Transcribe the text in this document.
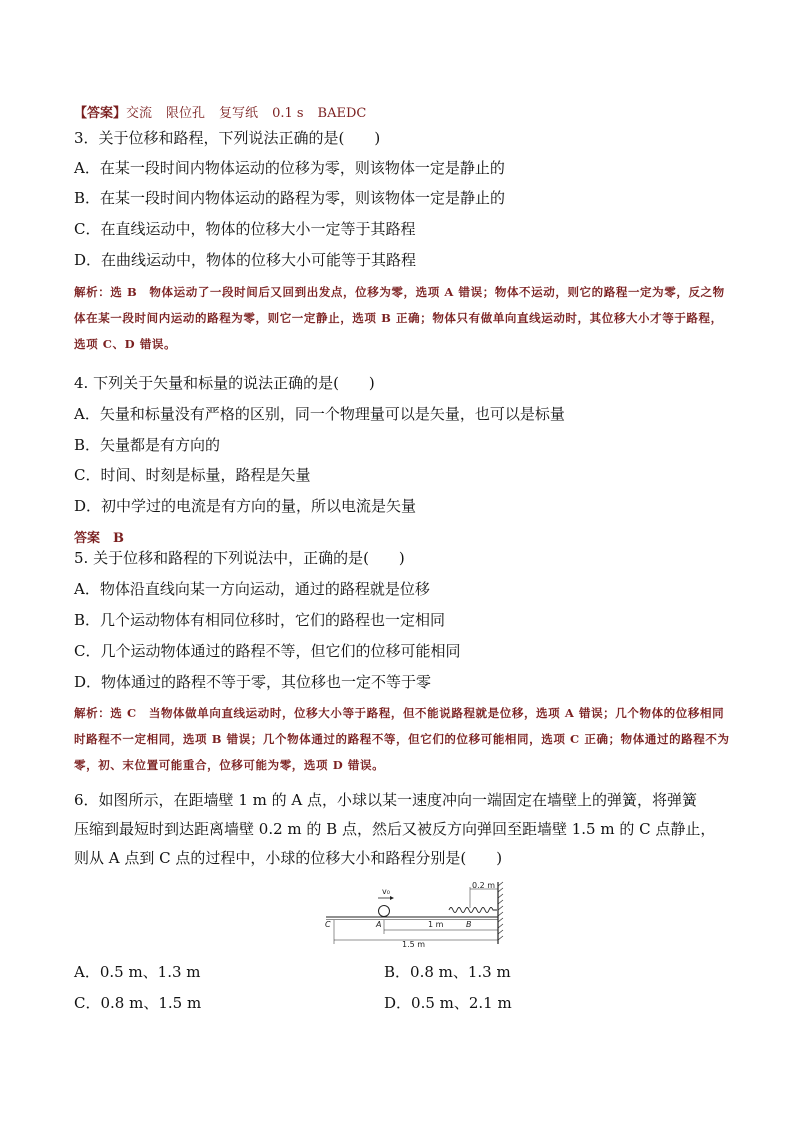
【答案】交流 限位孔 复写纸 0.1 s BAEDC
3．关于位移和路程，下列说法正确的是(　　)
A．在某一段时间内物体运动的位移为零，则该物体一定是静止的
B．在某一段时间内物体运动的路程为零，则该物体一定是静止的
C．在直线运动中，物体的位移大小一定等于其路程
D．在曲线运动中，物体的位移大小可能等于其路程
解析：选 B　物体运动了一段时间后又回到出发点，位移为零，选项 A 错误；物体不运动，则它的路程一定为零，反之物体在某一段时间内运动的路程为零，则它一定静止，选项 B 正确；物体只有做单向直线运动时，其位移大小才等于路程，选项 C、D 错误。
4. 下列关于矢量和标量的说法正确的是(　　)
A．矢量和标量没有严格的区别，同一个物理量可以是矢量，也可以是标量
B．矢量都是有方向的
C．时间、时刻是标量，路程是矢量
D．初中学过的电流是有方向的量，所以电流是矢量
答案　B
5. 关于位移和路程的下列说法中，正确的是(　　)
A．物体沿直线向某一方向运动，通过的路程就是位移
B．几个运动物体有相同位移时，它们的路程也一定相同
C．几个运动物体通过的路程不等，但它们的位移可能相同
D．物体通过的路程不等于零，其位移也一定不等于零
解析：选 C　当物体做单向直线运动时，位移大小等于路程，但不能说路程就是位移，选项 A 错误；几个物体的位移相同时路程不一定相同，选项 B 错误；几个物体通过的路程不等，但它们的位移可能相同，选项 C 正确；物体通过的路程不为零，初、末位置可能重合，位移可能为零，选项 D 错误。
6．如图所示，在距墙壁 1 m 的 A 点，小球以某一速度冲向一端固定在墙壁上的弹簧，将弹簧
压缩到最短时到达距离墙壁 0.2 m 的 B 点，然后又被反方向弹回至距墙壁 1.5 m 的 C 点静止，
则从 A 点到 C 点的过程中，小球的位移大小和路程分别是(　　)
v₀
0.2 m
1 m
1.5 m
C	A	B
A．0.5 m、1.3 m	B．0.8 m、1.3 m
C．0.8 m、1.5 m	D．0.5 m、2.1 m
